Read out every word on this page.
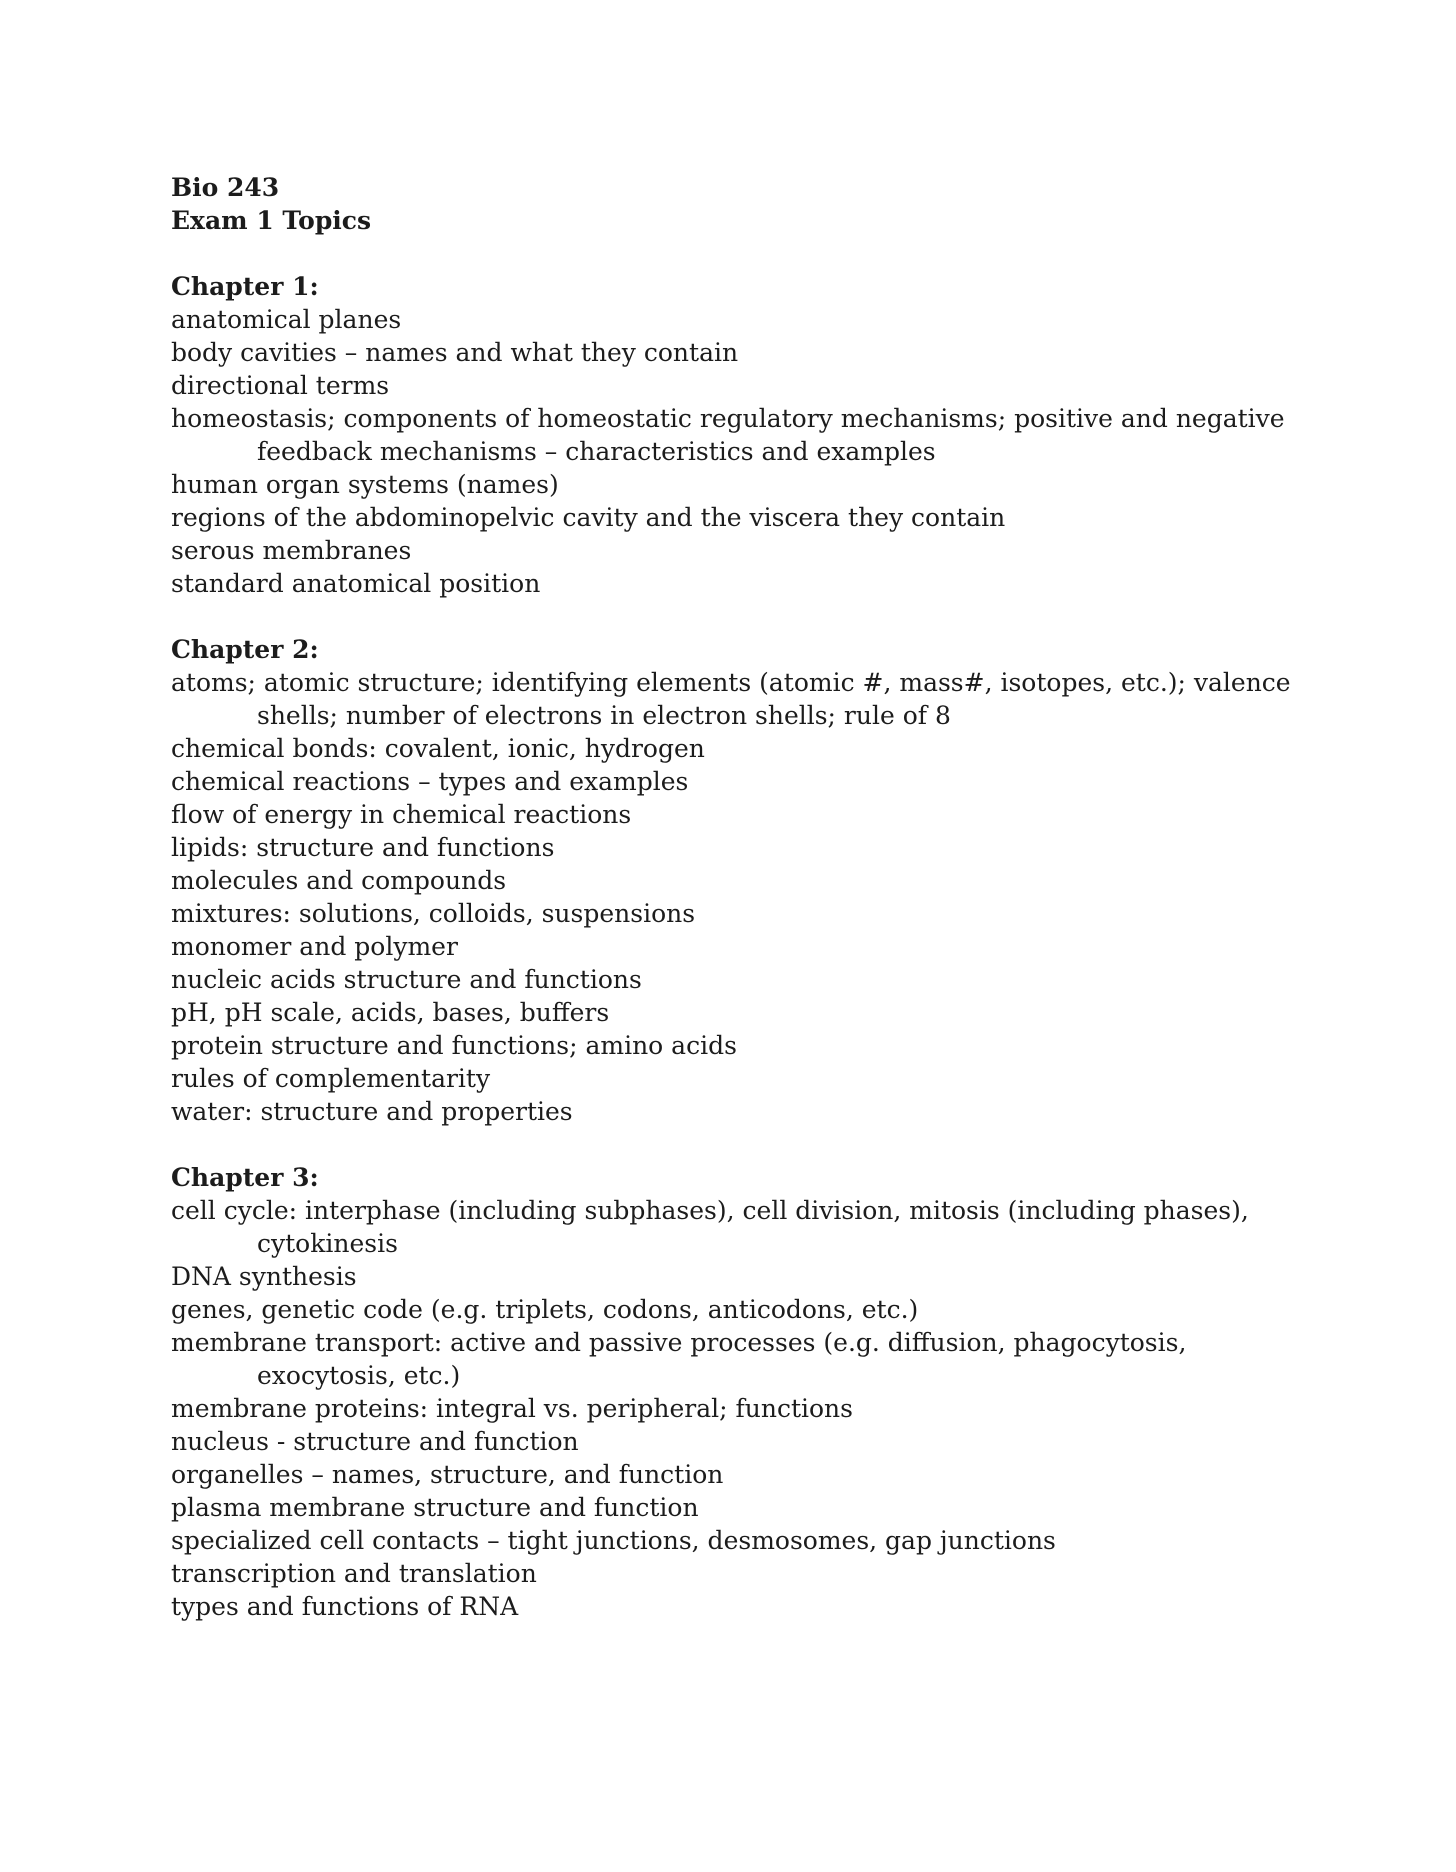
Bio 243

Exam 1 Topics

Chapter 1:

anatomical planes

body cavities – names and what they contain

directional terms

homeostasis; components of homeostatic regulatory mechanisms; positive and negative feedback mechanisms – characteristics and examples

human organ systems (names)

regions of the abdominopelvic cavity and the viscera they contain

serous membranes

standard anatomical position

Chapter 2:

atoms; atomic structure; identifying elements (atomic #, mass#, isotopes, etc.); valence shells; number of electrons in electron shells; rule of 8

chemical bonds: covalent, ionic, hydrogen

chemical reactions – types and examples

flow of energy in chemical reactions

lipids: structure and functions

molecules and compounds

mixtures: solutions, colloids, suspensions

monomer and polymer

nucleic acids structure and functions

pH, pH scale, acids, bases, buffers

protein structure and functions; amino acids

rules of complementarity

water: structure and properties

Chapter 3:

cell cycle: interphase (including subphases), cell division, mitosis (including phases), cytokinesis

DNA synthesis

genes, genetic code (e.g. triplets, codons, anticodons, etc.)

membrane transport: active and passive processes (e.g. diffusion, phagocytosis, exocytosis, etc.)

membrane proteins: integral vs. peripheral; functions

nucleus - structure and function

organelles – names, structure, and function

plasma membrane structure and function

specialized cell contacts – tight junctions, desmosomes, gap junctions

transcription and translation

types and functions of RNA
